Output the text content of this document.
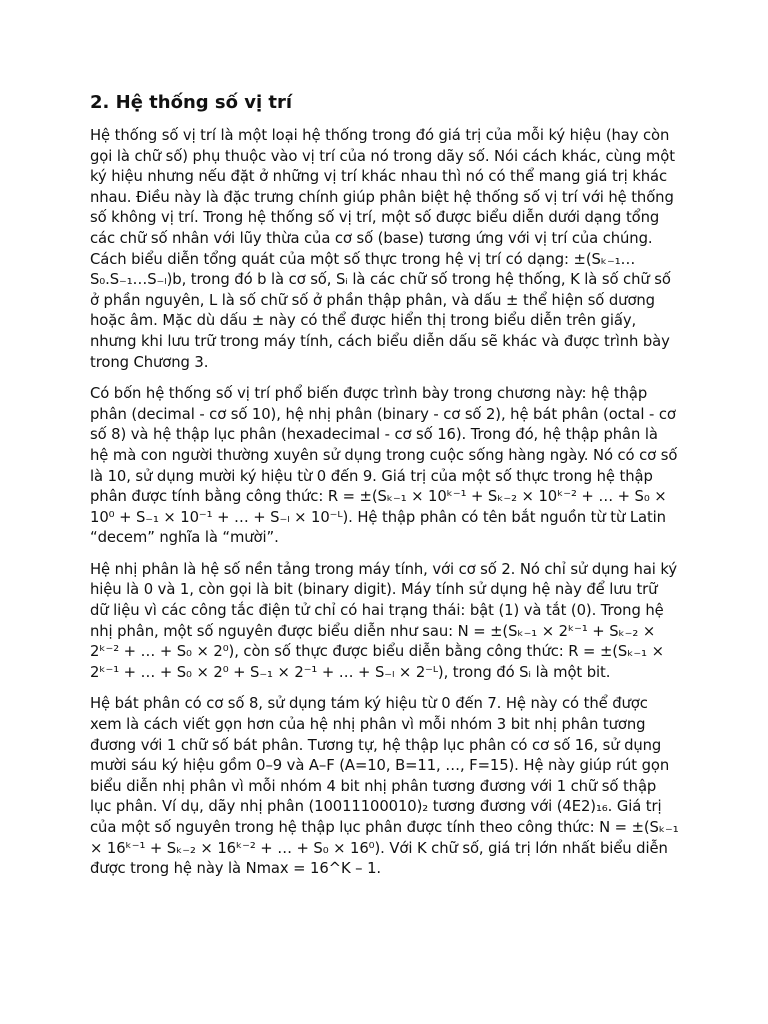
2. Hệ thống số vị trí

Hệ thống số vị trí là một loại hệ thống trong đó giá trị của mỗi ký hiệu (hay còn gọi là chữ số) phụ thuộc vào vị trí của nó trong dãy số. Nói cách khác, cùng một ký hiệu nhưng nếu đặt ở những vị trí khác nhau thì nó có thể mang giá trị khác nhau. Điều này là đặc trưng chính giúp phân biệt hệ thống số vị trí với hệ thống số không vị trí. Trong hệ thống số vị trí, một số được biểu diễn dưới dạng tổng các chữ số nhân với lũy thừa của cơ số (base) tương ứng với vị trí của chúng. Cách biểu diễn tổng quát của một số thực trong hệ vị trí có dạng: ±(Sₖ₋₁…S₀.S₋₁…S₋ₗ)b, trong đó b là cơ số, Sᵢ là các chữ số trong hệ thống, K là số chữ số ở phần nguyên, L là số chữ số ở phần thập phân, và dấu ± thể hiện số dương hoặc âm. Mặc dù dấu ± này có thể được hiển thị trong biểu diễn trên giấy, nhưng khi lưu trữ trong máy tính, cách biểu diễn dấu sẽ khác và được trình bày trong Chương 3.

Có bốn hệ thống số vị trí phổ biến được trình bày trong chương này: hệ thập phân (decimal - cơ số 10), hệ nhị phân (binary - cơ số 2), hệ bát phân (octal - cơ số 8) và hệ thập lục phân (hexadecimal - cơ số 16). Trong đó, hệ thập phân là hệ mà con người thường xuyên sử dụng trong cuộc sống hàng ngày. Nó có cơ số là 10, sử dụng mười ký hiệu từ 0 đến 9. Giá trị của một số thực trong hệ thập phân được tính bằng công thức: R = ±(Sₖ₋₁ × 10ᵏ⁻¹ + Sₖ₋₂ × 10ᵏ⁻² + … + S₀ × 10⁰ + S₋₁ × 10⁻¹ + … + S₋ₗ × 10⁻ᴸ). Hệ thập phân có tên bắt nguồn từ từ Latin “decem” nghĩa là “mười”.

Hệ nhị phân là hệ số nền tảng trong máy tính, với cơ số 2. Nó chỉ sử dụng hai ký hiệu là 0 và 1, còn gọi là bit (binary digit). Máy tính sử dụng hệ này để lưu trữ dữ liệu vì các công tắc điện tử chỉ có hai trạng thái: bật (1) và tắt (0). Trong hệ nhị phân, một số nguyên được biểu diễn như sau: N = ±(Sₖ₋₁ × 2ᵏ⁻¹ + Sₖ₋₂ × 2ᵏ⁻² + … + S₀ × 2⁰), còn số thực được biểu diễn bằng công thức: R = ±(Sₖ₋₁ × 2ᵏ⁻¹ + … + S₀ × 2⁰ + S₋₁ × 2⁻¹ + … + S₋ₗ × 2⁻ᴸ), trong đó Sᵢ là một bit.

Hệ bát phân có cơ số 8, sử dụng tám ký hiệu từ 0 đến 7. Hệ này có thể được xem là cách viết gọn hơn của hệ nhị phân vì mỗi nhóm 3 bit nhị phân tương đương với 1 chữ số bát phân. Tương tự, hệ thập lục phân có cơ số 16, sử dụng mười sáu ký hiệu gồm 0–9 và A–F (A=10, B=11, …, F=15). Hệ này giúp rút gọn biểu diễn nhị phân vì mỗi nhóm 4 bit nhị phân tương đương với 1 chữ số thập lục phân. Ví dụ, dãy nhị phân (10011100010)₂ tương đương với (4E2)₁₆. Giá trị của một số nguyên trong hệ thập lục phân được tính theo công thức: N = ±(Sₖ₋₁ × 16ᵏ⁻¹ + Sₖ₋₂ × 16ᵏ⁻² + … + S₀ × 16⁰). Với K chữ số, giá trị lớn nhất biểu diễn được trong hệ này là Nmax = 16^K – 1.
